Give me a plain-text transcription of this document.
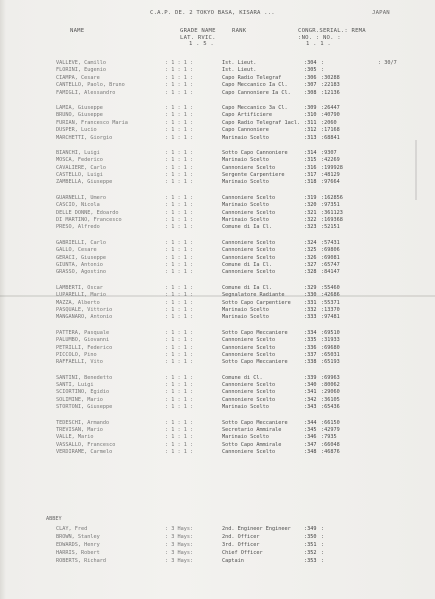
C.A.P. DE. 2 TOKYO BASA, KISARA ...	JAPAN
NAME	GRADE NAME	RANK
LAT. RVIC.
CONGR.SERIAL.: REMA
:NO. : NO. :
1 . 5 .	1 . 1 .
VALLEVE, Camillo	: 1 : 1 :	Ist. Lieut.	:304 :	: 30/7
FLORINI, Eugenio	: 1 : 1 :	Ist. Lieut.	:305 :
CIAMPA, Cesare	: 1 : 1 :	Capo Radio Telegraf	:306 :30288
CANTELLO, Paolo, Bruno	: 1 : 1 :	Capo Meccanico Ia Cl.	:307 :22183
FAMIGLI, Alessandro	: 1 : 1 :	Capo Cannoniere Ia Cl.	:308 :12136
LAMIA, Giuseppe	: 1 : 1 :	Capo Meccanico 3a Cl.	:309 :26447
BRUNO, Giuseppe	: 1 : 1 :	Capo Artificiere	:310 :40790
FURIAN, Francesco Maria	: 1 : 1 :	Capo Radio Telegraf 1acl. :311 :2060
DUSPER, Lucio	: 1 : 1 :	Capo Cannoniere	:312 :17168
MARCHETTI, Giorgio	: 1 : 1 :	Marinaio Scelto	:313 :68841
BIANCHI, Luigi	: 1 : 1 :	Sotto Capo Cannoniere	:314 :9307
MOSCA, Federico	: 1 : 1 :	Marinaio Scelto	:315 :42269
CAVALIERE, Carlo	: 1 : 1 :	Cannoniere Scelto	:316 :199928
CASTELLO, Luigi	: 1 : 1 :	Sergente Carpentiere	:317 :48129
ZAMBELLA, Giuseppe	: 1 : 1 :	Marinaio Scelto	:318 :97664
GUARNELLI, Umero	: 1 : 1 :	Cannoniere Scelto	:319 :162856
CASCIO, Nicola	: 1 : 1 :	Marinaio Scelto	:320 :97351
DELLE DONNE, Edoardo	: 1 : 1 :	Cannoniere Scelto	:321 :361123
DI MARTINO, Francesco	: 1 : 1 :	Marinaio Scelto	:322 :169368
PRESO, Alfredo	: 1 : 1 :	Comune di Ia Cl.	:323 :52151
GABRIELLI, Carlo	: 1 : 1 :	Cannoniere Scelto	:324 :57431
GALLO, Cesare	: 1 : 1 :	Cannoniere Scelto	:325 :69806
GERACI, Giuseppe	: 1 : 1 :	Cannoniere Scelto	:326 :69081
GIUNTA, Antonio	: 1 : 1 :	Comune di Ia Cl.	:327 :65747
GRASSO, Agostino	: 1 : 1 :	Cannoniere Scelto	:328 :84147
LAMBERTI, Oscar	: 1 : 1 :	Comune di Ia Cl.	:329 :55460
LUPARELLI, Mario	: 1 : 1 :	Segnalatore Radiante	:330 :42686
MAZZA, Alberto	: 1 : 1 :	Sotto Capo Carpentiere	:331 :55371
PASQUALE, Vittorio	: 1 : 1 :	Marinaio Scelto	:332 :13370
MANGANARO, Antonio	: 1 : 1 :	Marinaio Scelto	:333 :97481
PATTERA, Pasquale	: 1 : 1 :	Sotto Capo Meccaniere	:334 :69510
PALUMBO, Giovanni	: 1 : 1 :	Cannoniere Scelto	:335 :31933
PETRILLI, Federico	: 1 : 1 :	Cannoniere Scelto	:336 :69680
PICCOLO, Pino	: 1 : 1 :	Cannoniere Scelto	:337 :65031
RAFFAELLI, Vito	: 1 : 1 :	Sotto Capo Meccaniere	:338 :65193
SANTINI, Benedetto	: 1 : 1 :	Comune di Cl.	:339 :69963
SANTI, Luigi	: 1 : 1 :	Cannoniere Scelto	:340 :80062
SCIORTINO, Egidio	: 1 : 1 :	Cannoniere Scelto	:341 :29060
SOLIMINE, Mario	: 1 : 1 :	Cannoniere Scelto	:342 :36105
STORTONI, Giuseppe	: 1 : 1 :	Marinaio Scelto	:343 :65436
TEDESCHI, Armando	: 1 : 1 :	Sotto Capo Meccaniere	:344 :66150
TREVISAN, Mario	: 1 : 1 :	Secretario Ammirale	:345 :42979
VALLE, Mario	: 1 : 1 :	Marinaio Scelto	:346 :7935
VASSALLO, Francesco	: 1 : 1 :	Sotto Capo Ammirale	:347 :66048
VERDIRAME, Carmelo	: 1 : 1 :	Cannoniere Scelto	:348 :46876
ABBEY
CLAY, Fred	: 3 Hays:	2nd. Engineer Engineer	:349 :
BROWN, Stanley	: 3 Hays:	2nd. Officer	:350 :
EDWARDS, Henry	: 3 Hays:	3rd. Officer	:351 :
HARRIS, Robert	: 3 Hays:	Chief Officer	:352 :
ROBERTS, Richard	: 3 Hays:	Captain	:353 :
